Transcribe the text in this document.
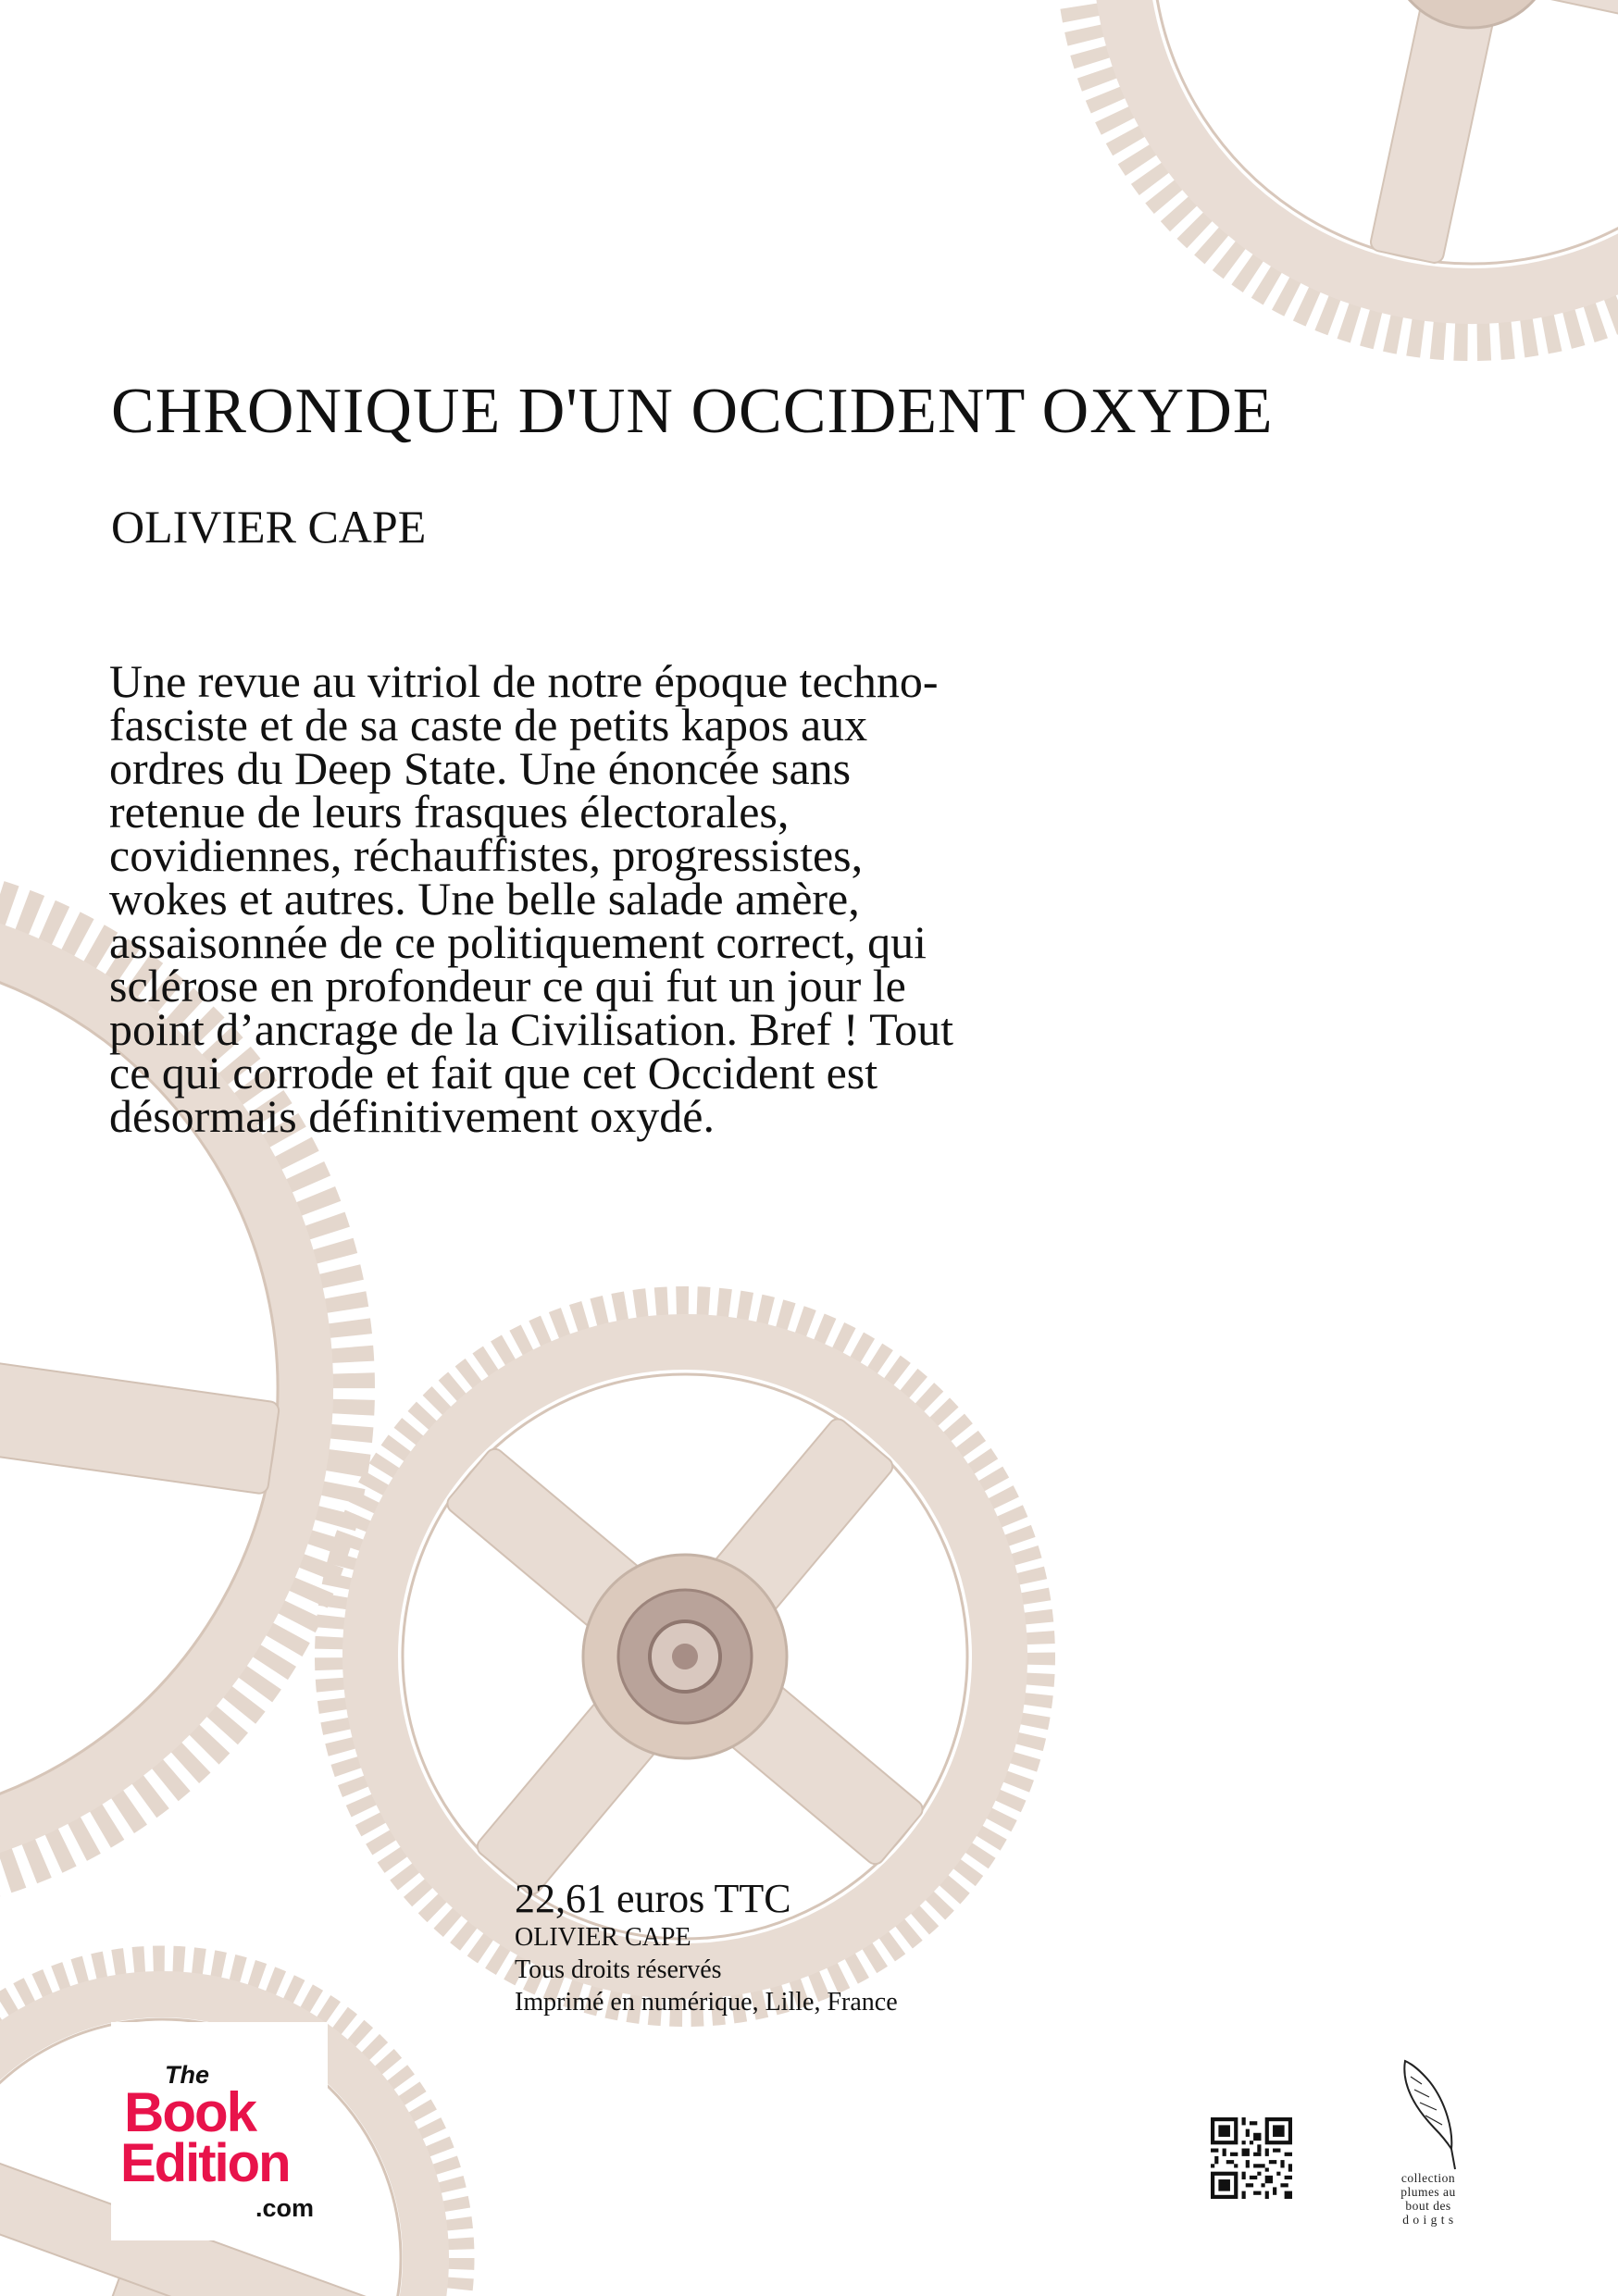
CHRONIQUE D'UN OCCIDENT OXYDE
OLIVIER CAPE
Une revue au vitriol de notre époque techno-
fasciste et de sa caste de petits kapos aux
ordres du Deep State. Une énoncée sans
retenue de leurs frasques électorales,
covidiennes, réchauffistes, progressistes,
wokes et autres. Une belle salade amère,
assaisonnée de ce politiquement correct, qui
sclérose en profondeur ce qui fut un jour le
point d’ancrage de la Civilisation. Bref ! Tout
ce qui corrode et fait que cet Occident est
désormais définitivement oxydé.
22,61 euros TTC
OLIVIER CAPE
Tous droits réservés
Imprimé en numérique, Lille, France
The
Book
Edition
.com
collection
plumes au
bout des
d o i g t s
